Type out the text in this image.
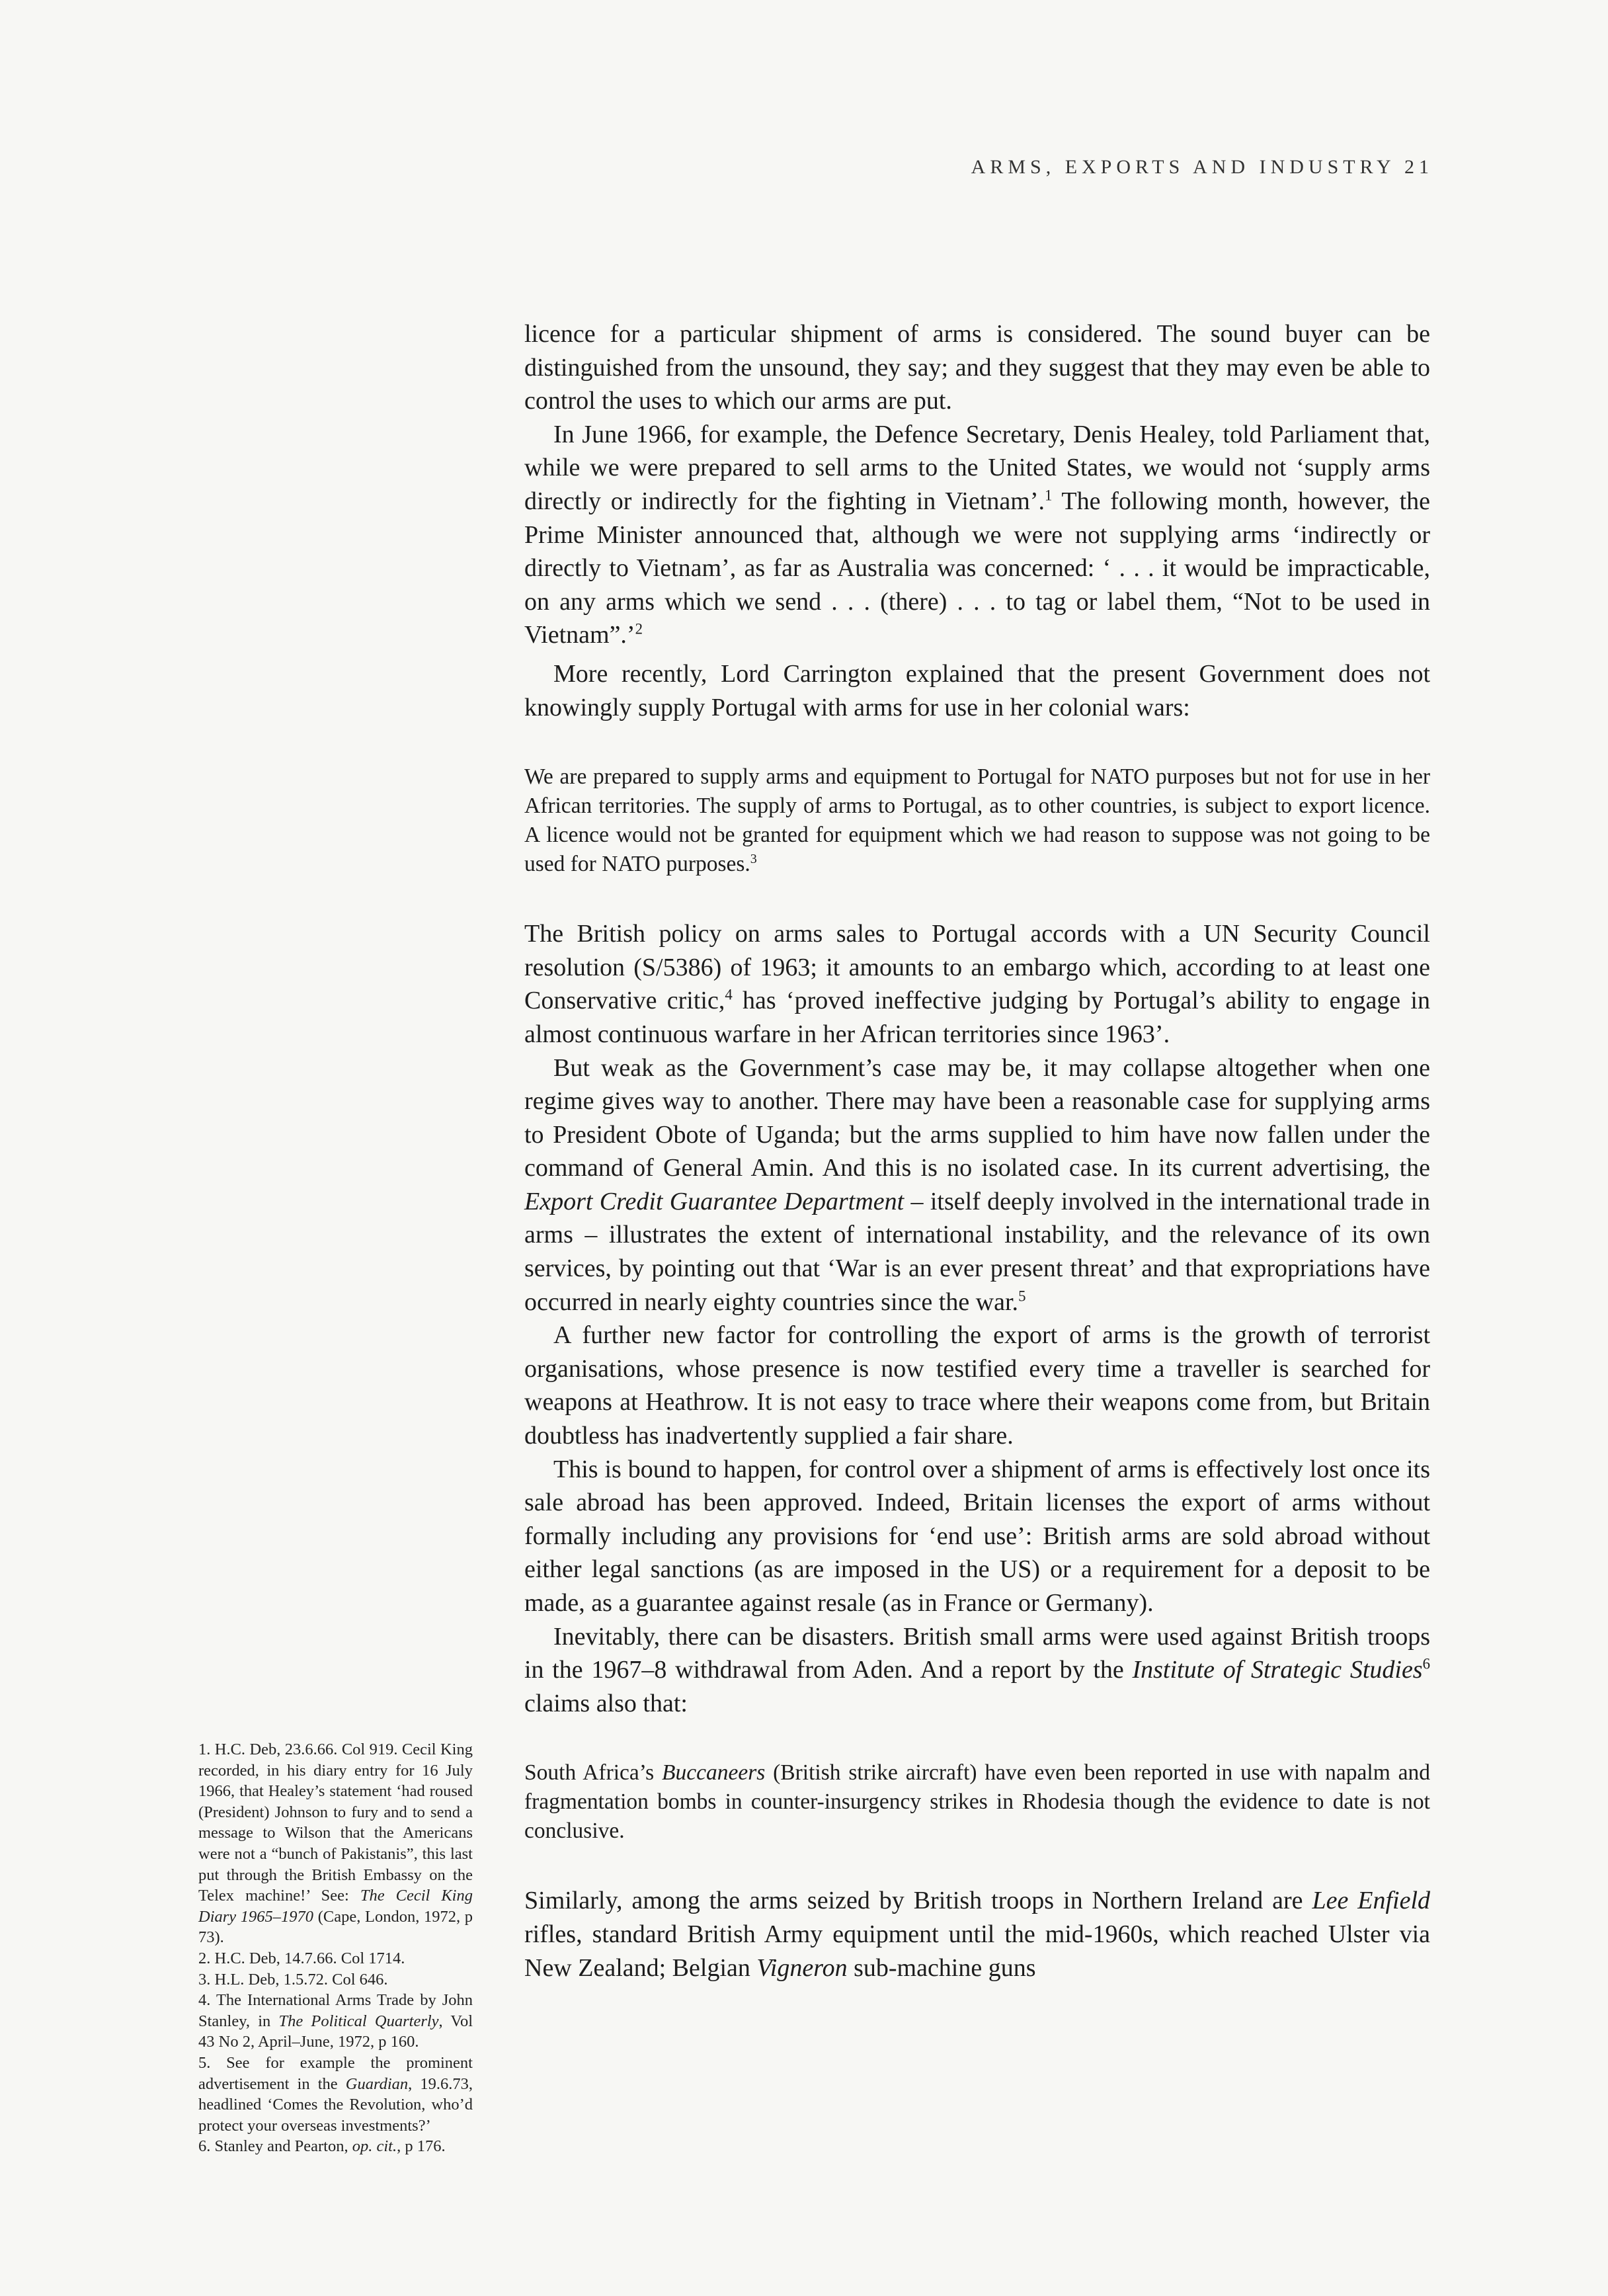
ARMS, EXPORTS AND INDUSTRY 21

licence for a particular shipment of arms is considered. The sound buyer can be distinguished from the unsound, they say; and they suggest that they may even be able to control the uses to which our arms are put.

In June 1966, for example, the Defence Secretary, Denis Healey, told Parliament that, while we were prepared to sell arms to the United States, we would not ‘supply arms directly or indirectly for the fighting in Vietnam’.$^1$ The following month, however, the Prime Minister announced that, although we were not supplying arms ‘indirectly or directly to Vietnam’, as far as Australia was concerned: ‘ . . . it would be impracticable, on any arms which we send . . . (there) . . . to tag or label them, “Not to be used in Vietnam”.’$^2$

More recently, Lord Carrington explained that the present Government does not knowingly supply Portugal with arms for use in her colonial wars:

We are prepared to supply arms and equipment to Portugal for NATO purposes but not for use in her African territories. The supply of arms to Portugal, as to other countries, is subject to export licence. A licence would not be granted for equipment which we had reason to suppose was not going to be used for NATO purposes.$^3$

The British policy on arms sales to Portugal accords with a UN Security Council resolution (S/5386) of 1963; it amounts to an embargo which, according to at least one Conservative critic,$^4$ has ‘proved ineffective judging by Portugal’s ability to engage in almost continuous warfare in her African territories since 1963’.

But weak as the Government’s case may be, it may collapse altogether when one regime gives way to another. There may have been a reasonable case for supplying arms to President Obote of Uganda; but the arms supplied to him have now fallen under the command of General Amin. And this is no isolated case. In its current advertising, the Export Credit Guarantee Department – itself deeply involved in the international trade in arms – illustrates the extent of international instability, and the relevance of its own services, by pointing out that ‘War is an ever present threat’ and that expropriations have occurred in nearly eighty countries since the war.$^5$

A further new factor for controlling the export of arms is the growth of terrorist organisations, whose presence is now testified every time a traveller is searched for weapons at Heathrow. It is not easy to trace where their weapons come from, but Britain doubtless has inadvertently supplied a fair share.

This is bound to happen, for control over a shipment of arms is effectively lost once its sale abroad has been approved. Indeed, Britain licenses the export of arms without formally including any provisions for ‘end use’: British arms are sold abroad without either legal sanctions (as are imposed in the US) or a requirement for a deposit to be made, as a guarantee against resale (as in France or Germany).

Inevitably, there can be disasters. British small arms were used against British troops in the 1967–8 withdrawal from Aden. And a report by the Institute of Strategic Studies$^6$ claims also that:

South Africa’s Buccaneers (British strike aircraft) have even been reported in use with napalm and fragmentation bombs in counter-insurgency strikes in Rhodesia though the evidence to date is not conclusive.

Similarly, among the arms seized by British troops in Northern Ireland are Lee Enfield rifles, standard British Army equipment until the mid-1960s, which reached Ulster via New Zealand; Belgian Vigneron sub-machine guns

1. H.C. Deb, 23.6.66. Col 919. Cecil King recorded, in his diary entry for 16 July 1966, that Healey’s statement ‘had roused (President) Johnson to fury and to send a message to Wilson that the Americans were not a “bunch of Pakistanis”, this last put through the British Embassy on the Telex machine!’ See: The Cecil King Diary 1965–1970 (Cape, London, 1972, p 73).

2. H.C. Deb, 14.7.66. Col 1714.

3. H.L. Deb, 1.5.72. Col 646.

4. The International Arms Trade by John Stanley, in The Political Quarterly, Vol 43 No 2, April–June, 1972, p 160.

5. See for example the prominent advertisement in the Guardian, 19.6.73, headlined ‘Comes the Revolution, who’d protect your overseas investments?’

6. Stanley and Pearton, op. cit., p 176.
